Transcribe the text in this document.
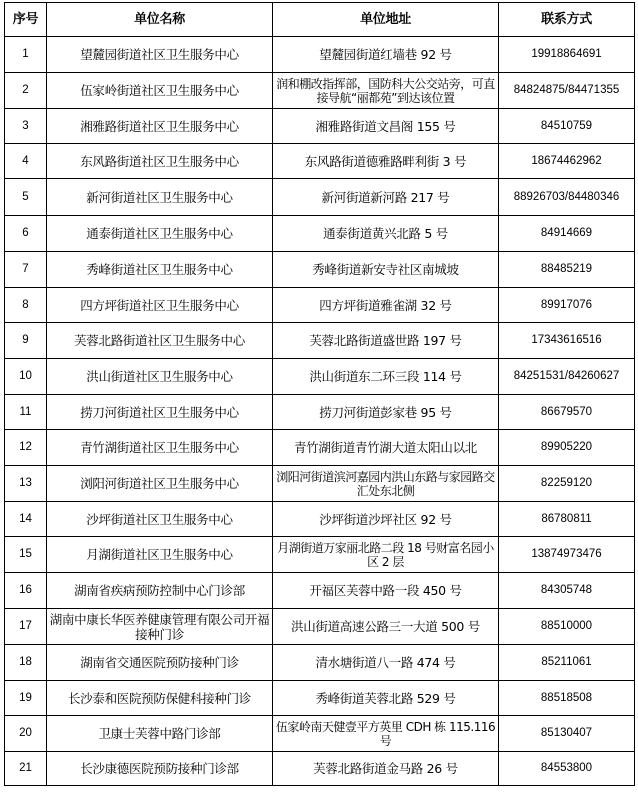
序号	单位名称	单位地址	联系方式
1	望麓园街道社区卫生服务中心	望麓园街道红墙巷 92 号	19918864691
2	伍家岭街道社区卫生服务中心	润和棚改指挥部，国防科大公交站旁，可直接导航“丽都苑”到达该位置	84824875/84471355
3	湘雅路街道社区卫生服务中心	湘雅路街道文昌阁 155 号	84510759
4	东风路街道社区卫生服务中心	东风路街道德雅路畔利街 3 号	18674462962
5	新河街道社区卫生服务中心	新河街道新河路 217 号	88926703/84480346
6	通泰街道社区卫生服务中心	通泰街道黄兴北路 5 号	84914669
7	秀峰街道社区卫生服务中心	秀峰街道新安寺社区南城坡	88485219
8	四方坪街道社区卫生服务中心	四方坪街道雅雀湖 32 号	89917076
9	芙蓉北路街道社区卫生服务中心	芙蓉北路街道盛世路 197 号	17343616516
10	洪山街道社区卫生服务中心	洪山街道东二环三段 114 号	84251531/84260627
11	捞刀河街道社区卫生服务中心	捞刀河街道彭家巷 95 号	86679570
12	青竹湖街道社区卫生服务中心	青竹湖街道青竹湖大道太阳山以北	89905220
13	浏阳河街道社区卫生服务中心	浏阳河街道滨河嘉园内洪山东路与家园路交汇处东北侧	82259120
14	沙坪街道社区卫生服务中心	沙坪街道沙坪社区 92 号	86780811
15	月湖街道社区卫生服务中心	月湖街道万家丽北路二段 18 号财富名园小区 2 层	13874973476
16	湖南省疾病预防控制中心门诊部	开福区芙蓉中路一段 450 号	84305748
17	湖南中康长华医养健康管理有限公司开福接种门诊	洪山街道高速公路三一大道 500 号	88510000
18	湖南省交通医院预防接种门诊	清水塘街道八一路 474 号	85211061
19	长沙泰和医院预防保健科接种门诊	秀峰街道芙蓉北路 529 号	88518508
20	卫康士芙蓉中路门诊部	伍家岭南天健壹平方英里 CDH 栋 115.116 号	85130407
21	长沙康德医院预防接种门诊部	芙蓉北路街道金马路 26 号	84553800
